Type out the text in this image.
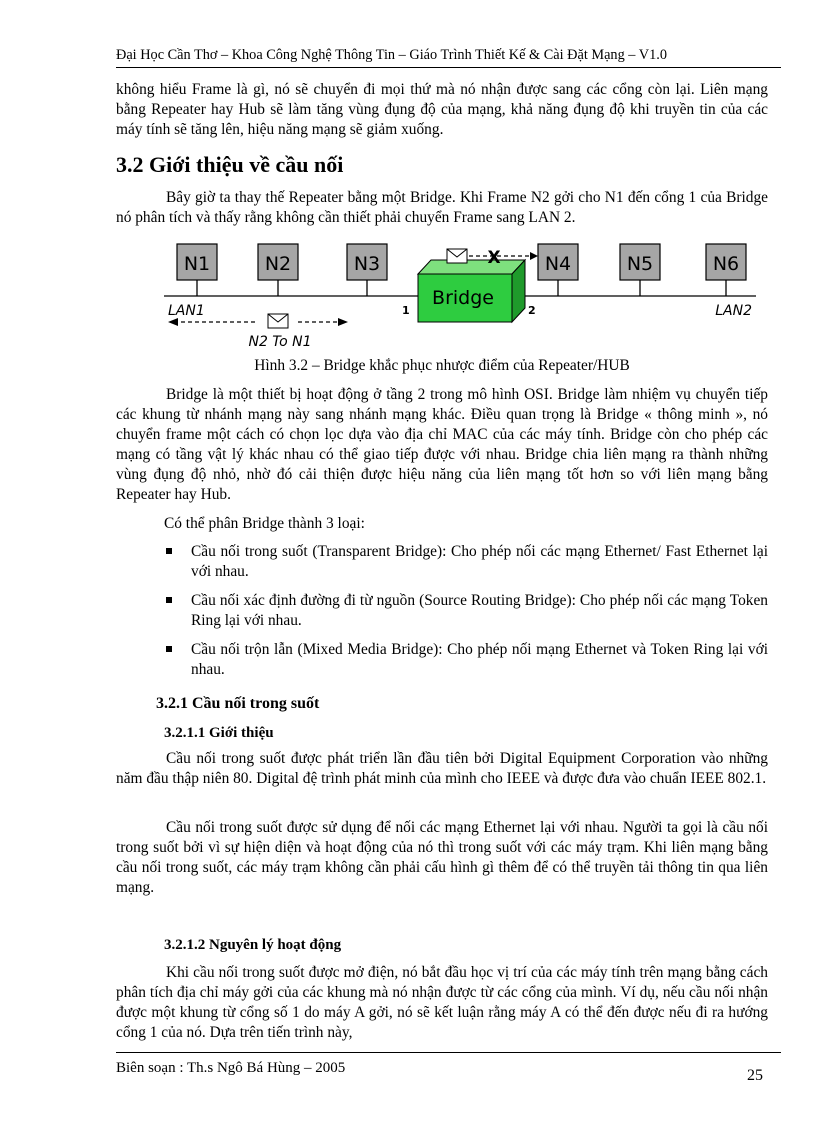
Đại Học Cần Thơ – Khoa Công Nghệ Thông Tin – Giáo Trình Thiết Kế & Cài Đặt Mạng – V1.0

không hiểu Frame là gì, nó sẽ chuyển đi mọi thứ mà nó nhận được sang các cổng còn lại. Liên mạng bằng Repeater hay Hub sẽ làm tăng vùng đụng độ của mạng, khả năng đụng độ khi truyền tin của các máy tính sẽ tăng lên, hiệu năng mạng sẽ giảm xuống.

3.2 Giới thiệu về cầu nối

Bây giờ ta thay thế Repeater bằng một Bridge. Khi Frame N2 gởi cho N1 đến cổng 1 của Bridge nó phân tích và thấy rằng không cần thiết phải chuyển Frame sang LAN 2.

N1	N2	N3	N4	N5	N6
Bridge
X
LAN1	LAN2
1	2
N2 To N1
Hình 3.2 – Bridge khắc phục nhược điểm của Repeater/HUB

Bridge là một thiết bị hoạt động ở tầng 2 trong mô hình OSI. Bridge làm nhiệm vụ chuyển tiếp các khung từ nhánh mạng này sang nhánh mạng khác. Điều quan trọng là Bridge « thông minh », nó chuyển frame một cách có chọn lọc dựa vào địa chỉ MAC của các máy tính. Bridge còn cho phép các mạng có tầng vật lý khác nhau có thể giao tiếp được với nhau. Bridge chia liên mạng ra thành những vùng đụng độ nhỏ, nhờ đó cải thiện được hiệu năng của liên mạng tốt hơn so với liên mạng bằng Repeater hay Hub.

Có thể phân Bridge thành 3 loại:

Cầu nối trong suốt (Transparent Bridge): Cho phép nối các mạng Ethernet/ Fast Ethernet lại với nhau.
Cầu nối xác định đường đi từ nguồn (Source Routing Bridge): Cho phép nối các mạng Token Ring lại với nhau.
Cầu nối trộn lẫn (Mixed Media Bridge): Cho phép nối mạng Ethernet và Token Ring lại với nhau.
3.2.1 Cầu nối trong suốt
3.2.1.1 Giới thiệu

Cầu nối trong suốt được phát triển lần đầu tiên bởi Digital Equipment Corporation vào những năm đầu thập niên 80. Digital đệ trình phát minh của mình cho IEEE và được đưa vào chuẩn IEEE 802.1.

Cầu nối trong suốt được sử dụng để nối các mạng Ethernet lại với nhau. Người ta gọi là cầu nối trong suốt bởi vì sự hiện diện và hoạt động của nó thì trong suốt với các máy trạm. Khi liên mạng bằng cầu nối trong suốt, các máy trạm không cần phải cấu hình gì thêm để có thể truyền tải thông tin qua liên mạng.

3.2.1.2 Nguyên lý hoạt động

Khi cầu nối trong suốt được mở điện, nó bắt đầu học vị trí của các máy tính trên mạng bằng cách phân tích địa chỉ máy gởi của các khung mà nó nhận được từ các cổng của mình. Ví dụ, nếu cầu nối nhận được một khung từ cổng số 1 do máy A gởi, nó sẽ kết luận rằng máy A có thể đến được nếu đi ra hướng cổng 1 của nó. Dựa trên tiến trình này,

Biên soạn : Th.s Ngô Bá Hùng – 2005	25
